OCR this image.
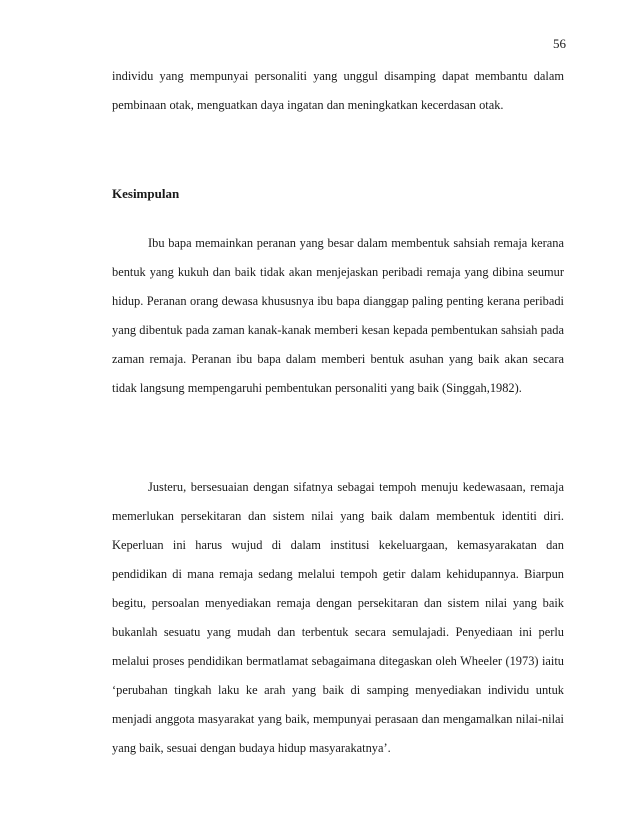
56

individu yang mempunyai personaliti yang unggul disamping dapat membantu dalam pembinaan otak, menguatkan daya ingatan dan meningkatkan kecerdasan otak.

Kesimpulan

Ibu bapa memainkan peranan yang besar dalam membentuk sahsiah remaja kerana bentuk yang kukuh dan baik tidak akan menjejaskan peribadi remaja yang dibina seumur hidup. Peranan orang dewasa khususnya ibu bapa dianggap paling penting kerana peribadi yang dibentuk pada zaman kanak-kanak memberi kesan kepada pembentukan sahsiah pada zaman remaja. Peranan ibu bapa dalam memberi bentuk asuhan yang baik akan secara tidak langsung mempengaruhi pembentukan personaliti yang baik (Singgah,1982).

Justeru, bersesuaian dengan sifatnya sebagai tempoh menuju kedewasaan, remaja memerlukan persekitaran dan sistem nilai yang baik dalam membentuk identiti diri. Keperluan ini harus wujud di dalam institusi kekeluargaan, kemasyarakatan dan pendidikan di mana remaja sedang melalui tempoh getir dalam kehidupannya. Biarpun begitu, persoalan menyediakan remaja dengan persekitaran dan sistem nilai yang baik bukanlah sesuatu yang mudah dan terbentuk secara semulajadi. Penyediaan ini perlu melalui proses pendidikan bermatlamat sebagaimana ditegaskan oleh Wheeler (1973) iaitu ‘perubahan tingkah laku ke arah yang baik di samping menyediakan individu untuk menjadi anggota masyarakat yang baik, mempunyai perasaan dan mengamalkan nilai-nilai yang baik, sesuai dengan budaya hidup masyarakatnya’.
